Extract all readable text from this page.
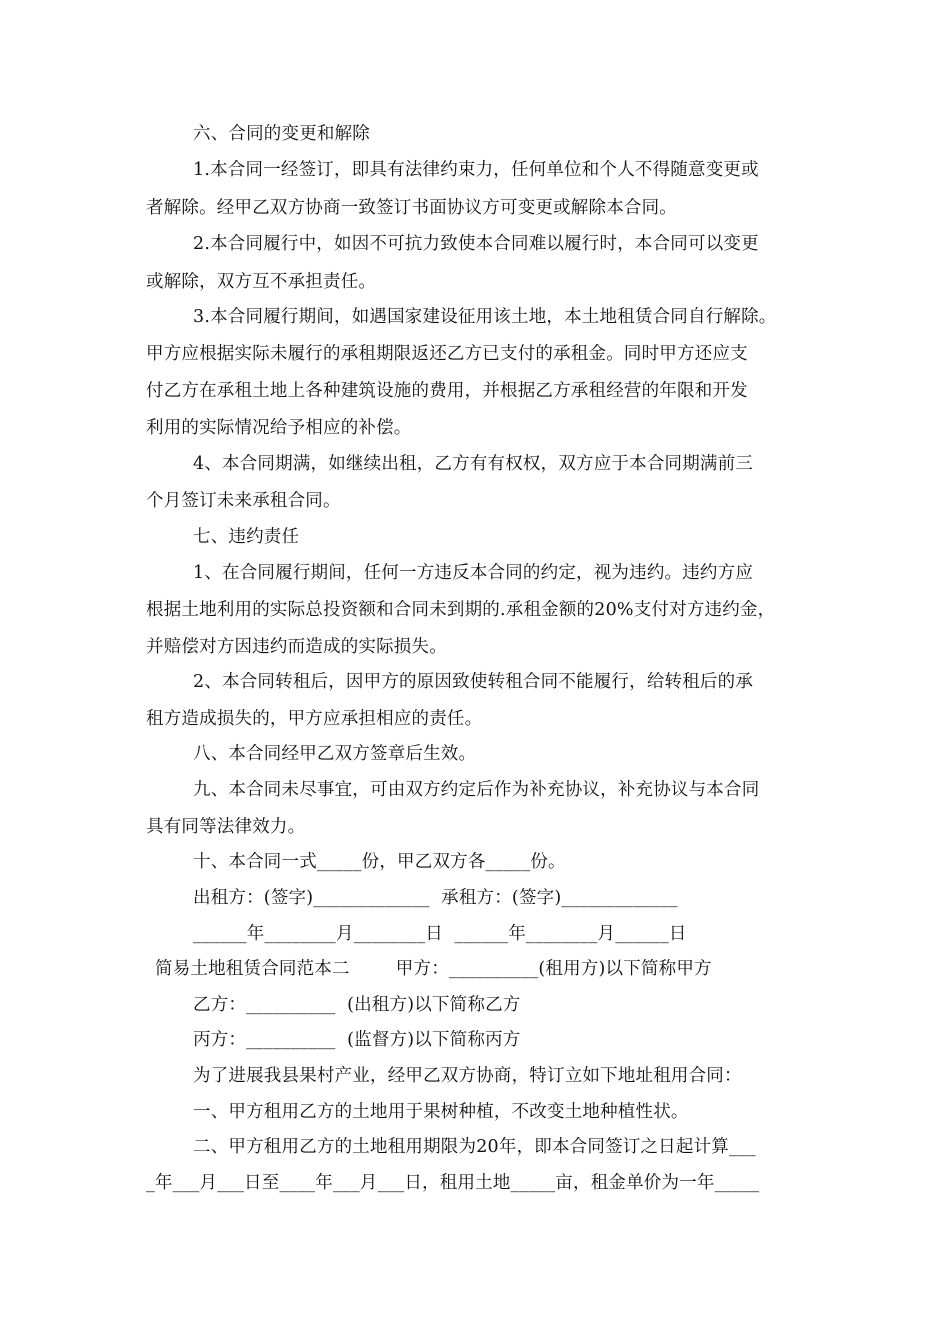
六、合同的变更和解除

1.本合同一经签订，即具有法律约束力，任何单位和个人不得随意变更或

者解除。经甲乙双方协商一致签订书面协议方可变更或解除本合同。

2.本合同履行中，如因不可抗力致使本合同难以履行时，本合同可以变更

或解除，双方互不承担责任。

3.本合同履行期间，如遇国家建设征用该土地，本土地租赁合同自行解除。

甲方应根据实际未履行的承租期限返还乙方已支付的承租金。同时甲方还应支

付乙方在承租土地上各种建筑设施的费用，并根据乙方承租经营的年限和开发

利用的实际情况给予相应的补偿。

4、本合同期满，如继续出租，乙方有有权权，双方应于本合同期满前三

个月签订未来承租合同。

七、违约责任

1、在合同履行期间，任何一方违反本合同的约定，视为违约。违约方应

根据土地利用的实际总投资额和合同未到期的.承租金额的20%支付对方违约金，

并赔偿对方因违约而造成的实际损失。

2、本合同转租后，因甲方的原因致使转租合同不能履行，给转租后的承

租方造成损失的，甲方应承担相应的责任。

八、本合同经甲乙双方签章后生效。

九、本合同未尽事宜，可由双方约定后作为补充协议，补充协议与本合同

具有同等法律效力。

十、本合同一式_____份，甲乙双方各_____份。

出租方：(签字)_____________  承租方：(签字)_____________

______年________月________日  ______年________月______日

简易土地租赁合同范本二        甲方：__________(租用方)以下简称甲方

乙方：__________  (出租方)以下简称乙方

丙方：__________  (监督方)以下简称丙方

为了进展我县果村产业，经甲乙双方协商，特订立如下地址租用合同：

一、甲方租用乙方的土地用于果树种植，不改变土地种植性状。

二、甲方租用乙方的土地租用期限为20年，即本合同签订之日起计算___

_年___月___日至____年___月___日，租用土地_____亩，租金单价为一年_____
